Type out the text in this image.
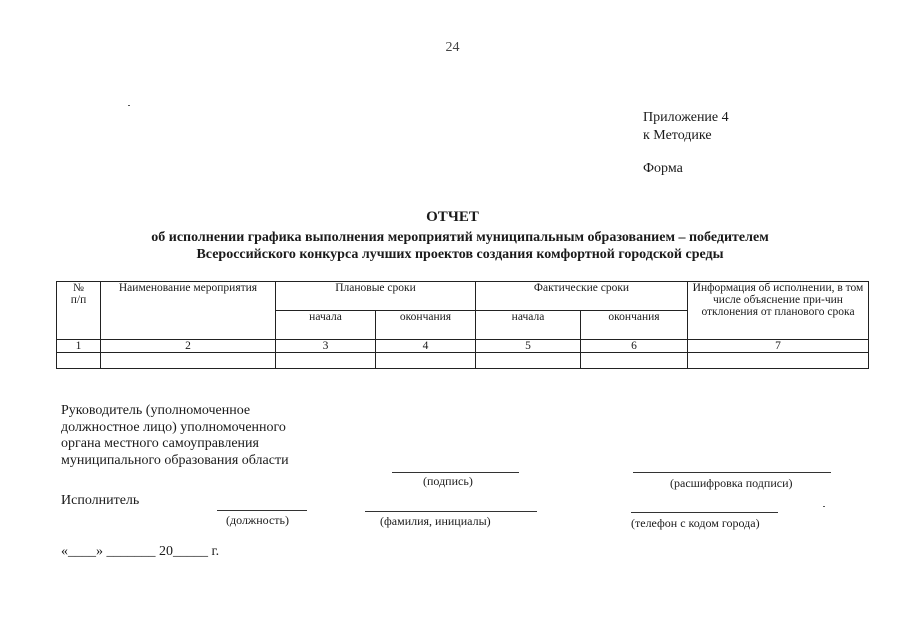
24
Приложение 4
к Методике
Форма
ОТЧЕТ
об исполнении графика выполнения мероприятий муниципальным образованием – победителем
Всероссийского конкурса лучших проектов создания комфортной городской среды
№
п/п	Наименование мероприятия	Плановые сроки		Фактические сроки		Информация об исполнении, в том числе объяснение при-чин отклонения от планового срока
		начала	окончания	начала	окончания	
1	2	3	4	5	6	7

Руководитель (уполномоченное должностное лицо) уполномоченного органа местного самоуправления муниципального образования области
(подпись)	(расшифровка подписи)
Исполнитель
(должность)	(фамилия, инициалы)	(телефон с кодом города)
«____» _______ 20_____ г.
